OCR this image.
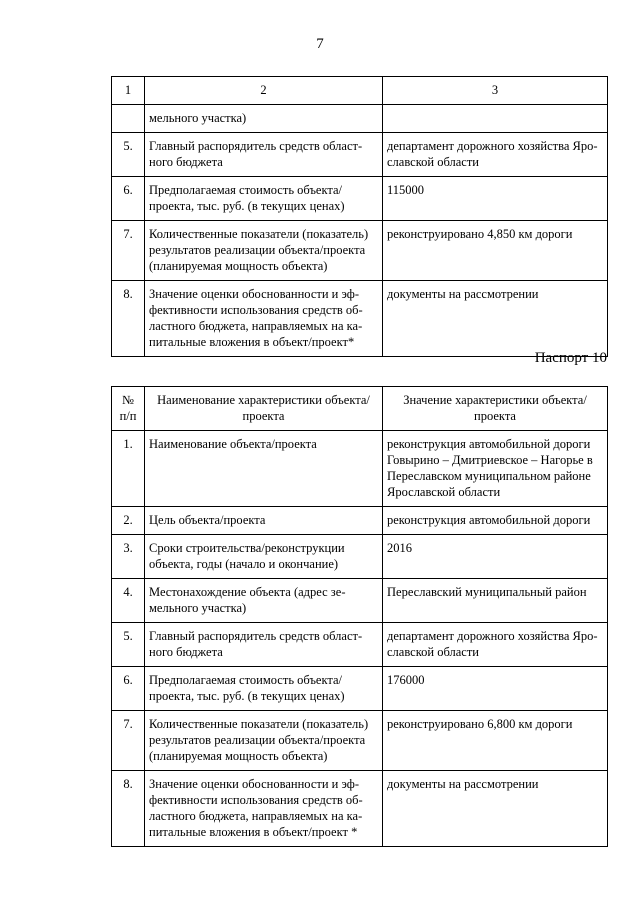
7
1	2	3
	мельного участка)	
5.	Главный распорядитель средств областного бюджета	департамент дорожного хозяйства Ярославской области
6.	Предполагаемая стоимость объекта/проекта, тыс. руб. (в текущих ценах)	115000
7.	Количественные показатели (показатель) результатов реализации объекта/проекта (планируемая мощность объекта)	реконструировано 4,850 км дороги
8.	Значение оценки обоснованности и эффективности использования средств областного бюджета, направляемых на капитальные вложения в объект/проект*	документы на рассмотрении
Паспорт 10
№ п/п	Наименование характеристики объекта/проекта	Значение характеристики объекта/проекта
1.	Наименование объекта/проекта	реконструкция автомобильной дороги Говырино – Дмитриевское – Нагорье в Переславском муниципальном районе Ярославской области
2.	Цель объекта/проекта	реконструкция автомобильной дороги
3.	Сроки строительства/реконструкции объекта, годы (начало и окончание)	2016
4.	Местонахождение объекта (адрес земельного участка)	Переславский муниципальный район
5.	Главный распорядитель средств областного бюджета	департамент дорожного хозяйства Ярославской области
6.	Предполагаемая стоимость объекта/проекта, тыс. руб. (в текущих ценах)	176000
7.	Количественные показатели (показатель) результатов реализации объекта/проекта (планируемая мощность объекта)	реконструировано 6,800 км дороги
8.	Значение оценки обоснованности и эффективности использования средств областного бюджета, направляемых на капитальные вложения в объект/проект *	документы на рассмотрении
